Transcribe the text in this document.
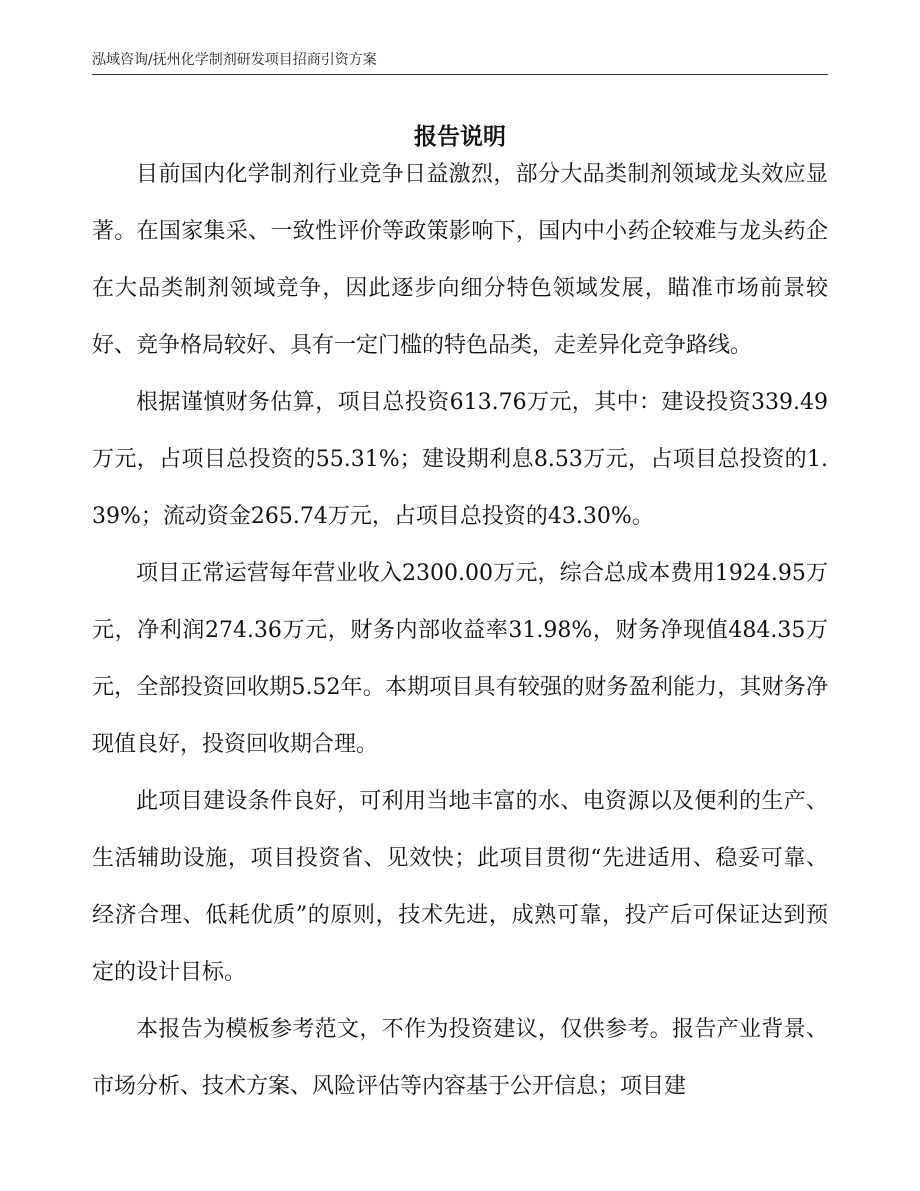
泓域咨询/抚州化学制剂研发项目招商引资方案
报告说明

目前国内化学制剂行业竞争日益激烈，部分大品类制剂领域龙头效应显著。在国家集采、一致性评价等政策影响下，国内中小药企较难与龙头药企在大品类制剂领域竞争，因此逐步向细分特色领域发展，瞄准市场前景较好、竞争格局较好、具有一定门槛的特色品类，走差异化竞争路线。

根据谨慎财务估算，项目总投资613.76万元，其中：建设投资339.49万元，占项目总投资的55.31%；建设期利息8.53万元，占项目总投资的1.39%；流动资金265.74万元，占项目总投资的43.30%。

项目正常运营每年营业收入2300.00万元，综合总成本费用1924.95万元，净利润274.36万元，财务内部收益率31.98%，财务净现值484.35万元，全部投资回收期5.52年。本期项目具有较强的财务盈利能力，其财务净现值良好，投资回收期合理。

此项目建设条件良好，可利用当地丰富的水、电资源以及便利的生产、生活辅助设施，项目投资省、见效快；此项目贯彻“先进适用、稳妥可靠、经济合理、低耗优质”的原则，技术先进，成熟可靠，投产后可保证达到预定的设计目标。

本报告为模板参考范文，不作为投资建议，仅供参考。报告产业背景、市场分析、技术方案、风险评估等内容基于公开信息；项目建
